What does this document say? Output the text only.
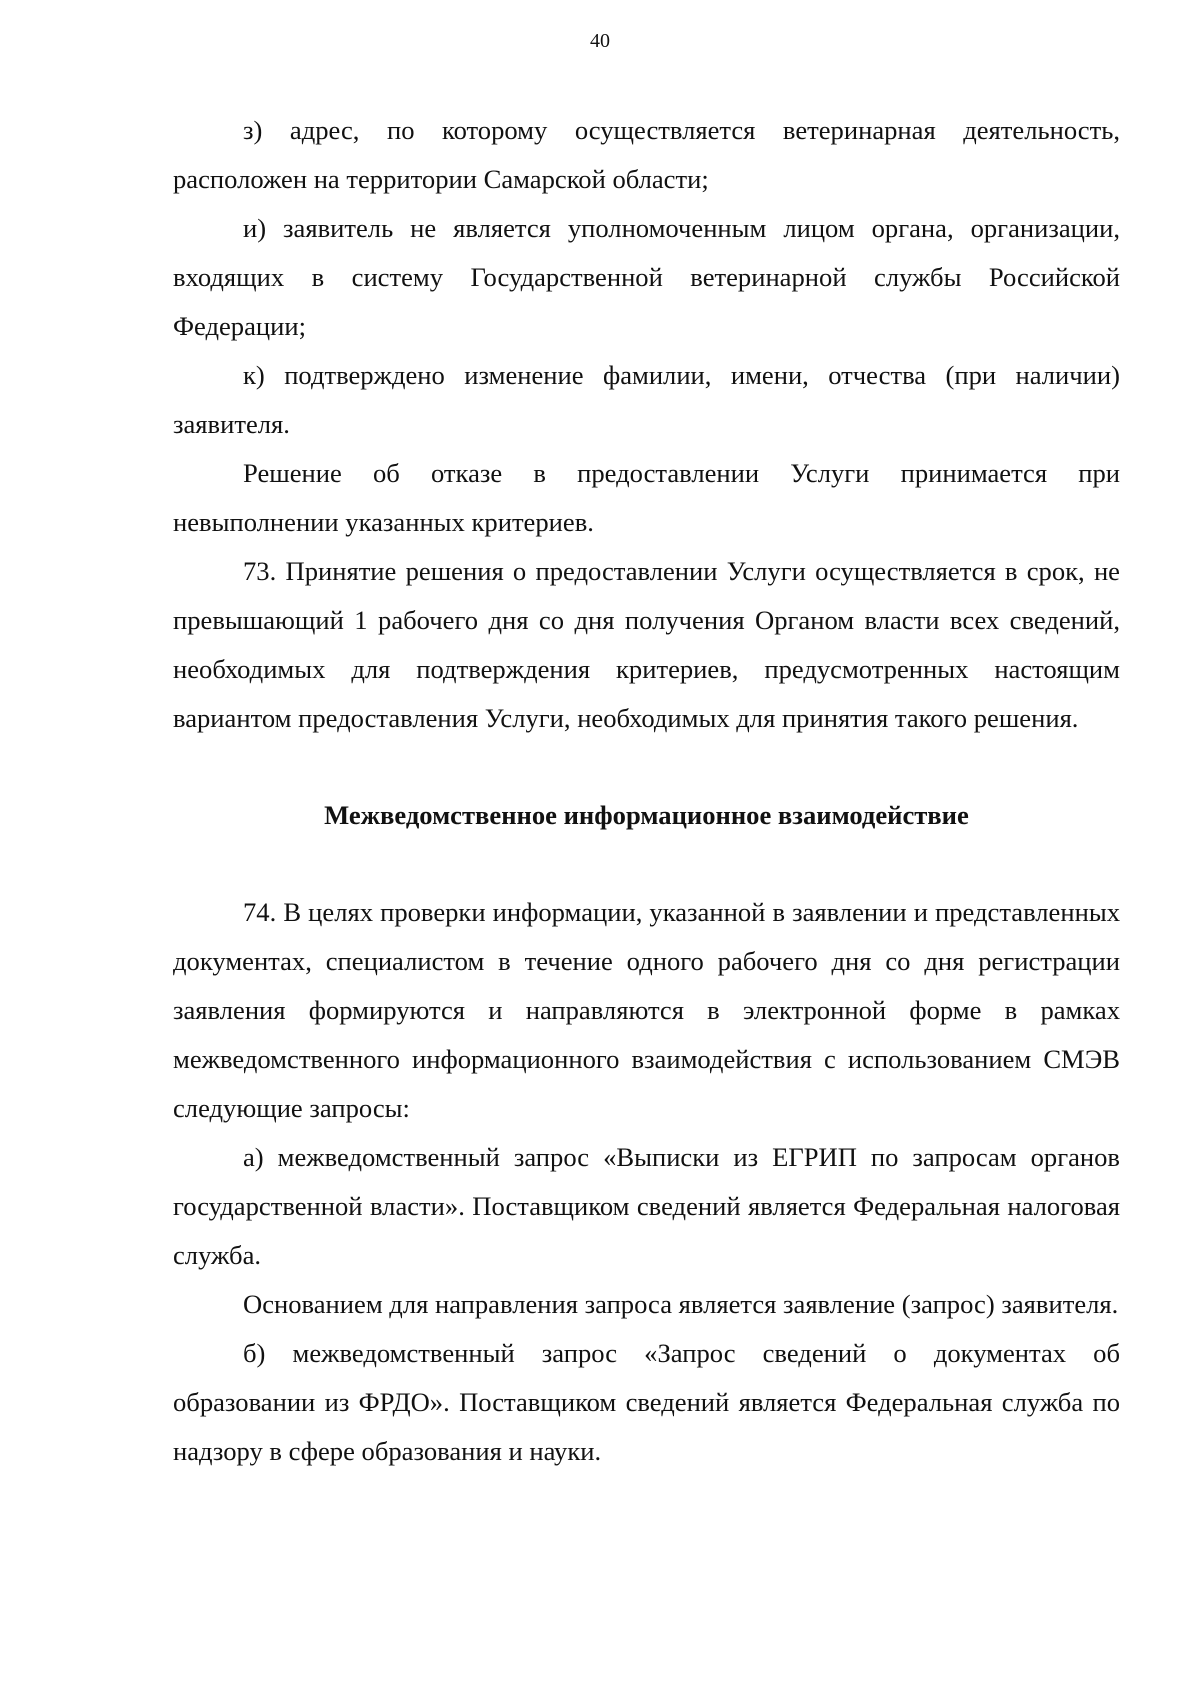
40

з) адрес, по которому осуществляется ветеринарная деятельность, расположен на территории Самарской области;

и) заявитель не является уполномоченным лицом органа, организации, входящих в систему Государственной ветеринарной службы Российской Федерации;

к) подтверждено изменение фамилии, имени, отчества (при наличии) заявителя.

Решение об отказе в предоставлении Услуги принимается при невыполнении указанных критериев.

73. Принятие решения о предоставлении Услуги осуществляется в срок, не превышающий 1 рабочего дня со дня получения Органом власти всех сведений, необходимых для подтверждения критериев, предусмотренных настоящим вариантом предоставления Услуги, необходимых для принятия такого решения.

Межведомственное информационное взаимодействие

74. В целях проверки информации, указанной в заявлении и представленных документах, специалистом в течение одного рабочего дня со дня регистрации заявления формируются и направляются в электронной форме в рамках межведомственного информационного взаимодействия с использованием СМЭВ следующие запросы:

а) межведомственный запрос «Выписки из ЕГРИП по запросам органов государственной власти». Поставщиком сведений является Федеральная налоговая служба.

Основанием для направления запроса является заявление (запрос) заявителя.

б) межведомственный запрос «Запрос сведений о документах об образовании из ФРДО». Поставщиком сведений является Федеральная служба по надзору в сфере образования и науки.
